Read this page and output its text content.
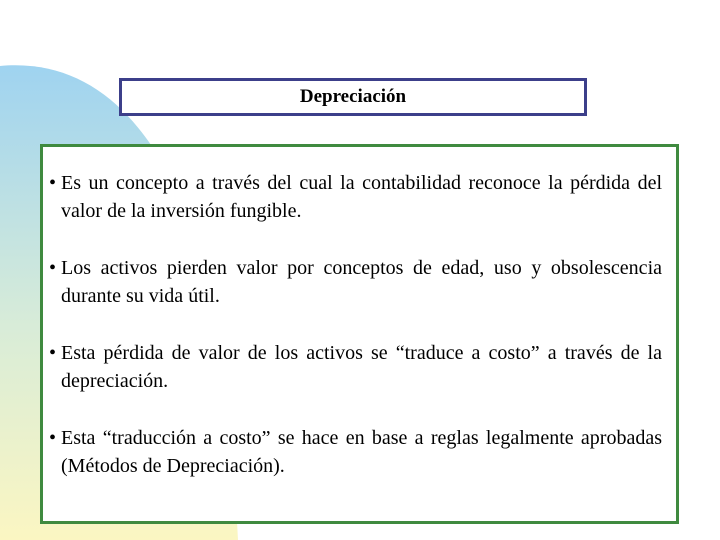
Depreciación
• Es un concepto a través del cual la contabilidad reconoce la pérdida del valor de la inversión fungible.
• Los activos pierden valor por conceptos de edad, uso y obsolescencia durante su vida útil.
• Esta pérdida de valor de los activos se “traduce a costo” a través de la depreciación.
• Esta “traducción a costo” se hace en base a reglas legalmente aprobadas (Métodos de Depreciación).
